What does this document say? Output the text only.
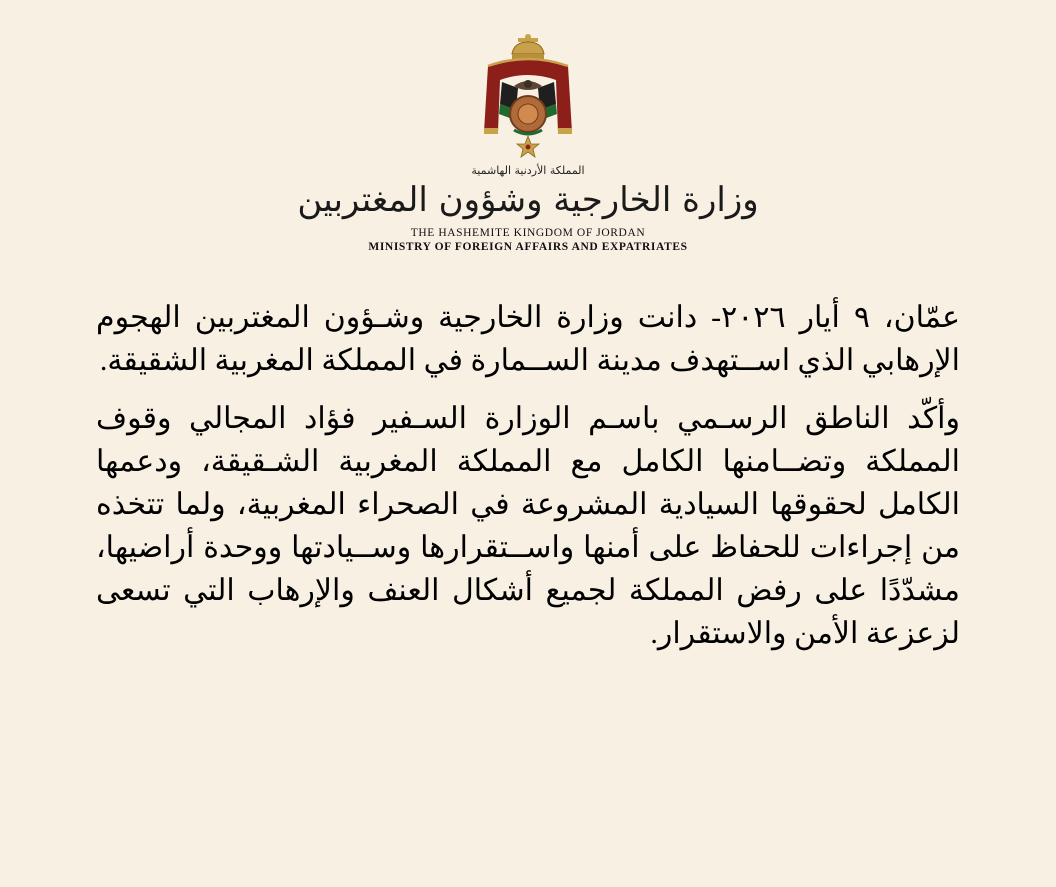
المملكة الأردنية الهاشمية
وزارة الخارجية وشؤون المغتربين
THE HASHEMITE KINGDOM OF JORDAN
MINISTRY OF FOREIGN AFFAIRS AND EXPATRIATES

عمّان، ٩ أيار ٢٠٢٦- دانت وزارة الخارجية وشـؤون المغتربين الهجوم الإرهابي الذي اســتهدف مدينة الســمارة في المملكة المغربية الشقيقة.

وأكّد الناطق الرسـمي باسـم الوزارة السـفير فؤاد المجالي وقوف المملكة وتضــامنها الكامل مع المملكة المغربية الشـقيقة، ودعمها الكامل لحقوقها السيادية المشروعة في الصحراء المغربية، ولما تتخذه من إجراءات للحفاظ على أمنها واســتقرارها وســيادتها ووحدة أراضيها، مشدّدًا على رفض المملكة لجميع أشكال العنف والإرهاب التي تسعى لزعزعة الأمن والاستقرار.
